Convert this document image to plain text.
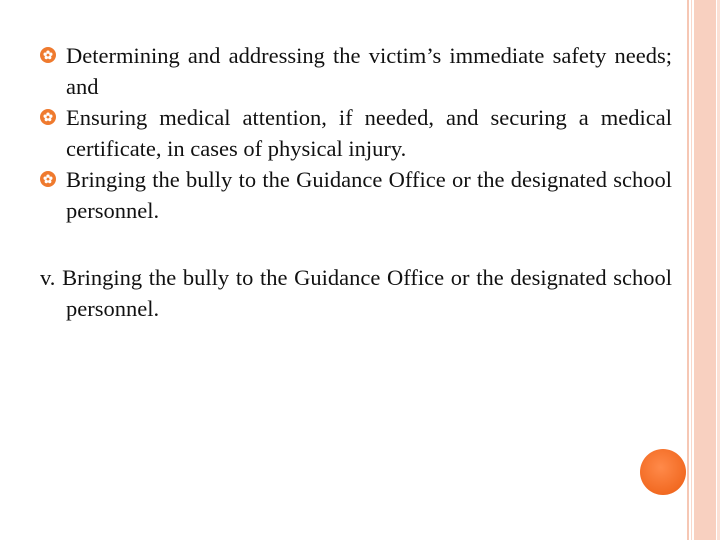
Determining and addressing the victim’s immediate safety needs; and
Ensuring medical attention, if needed, and securing a medical certificate, in cases of physical injury.
Bringing the bully to the Guidance Office or the designated school personnel.

v. Bringing the bully to the Guidance Office or the designated school personnel.
